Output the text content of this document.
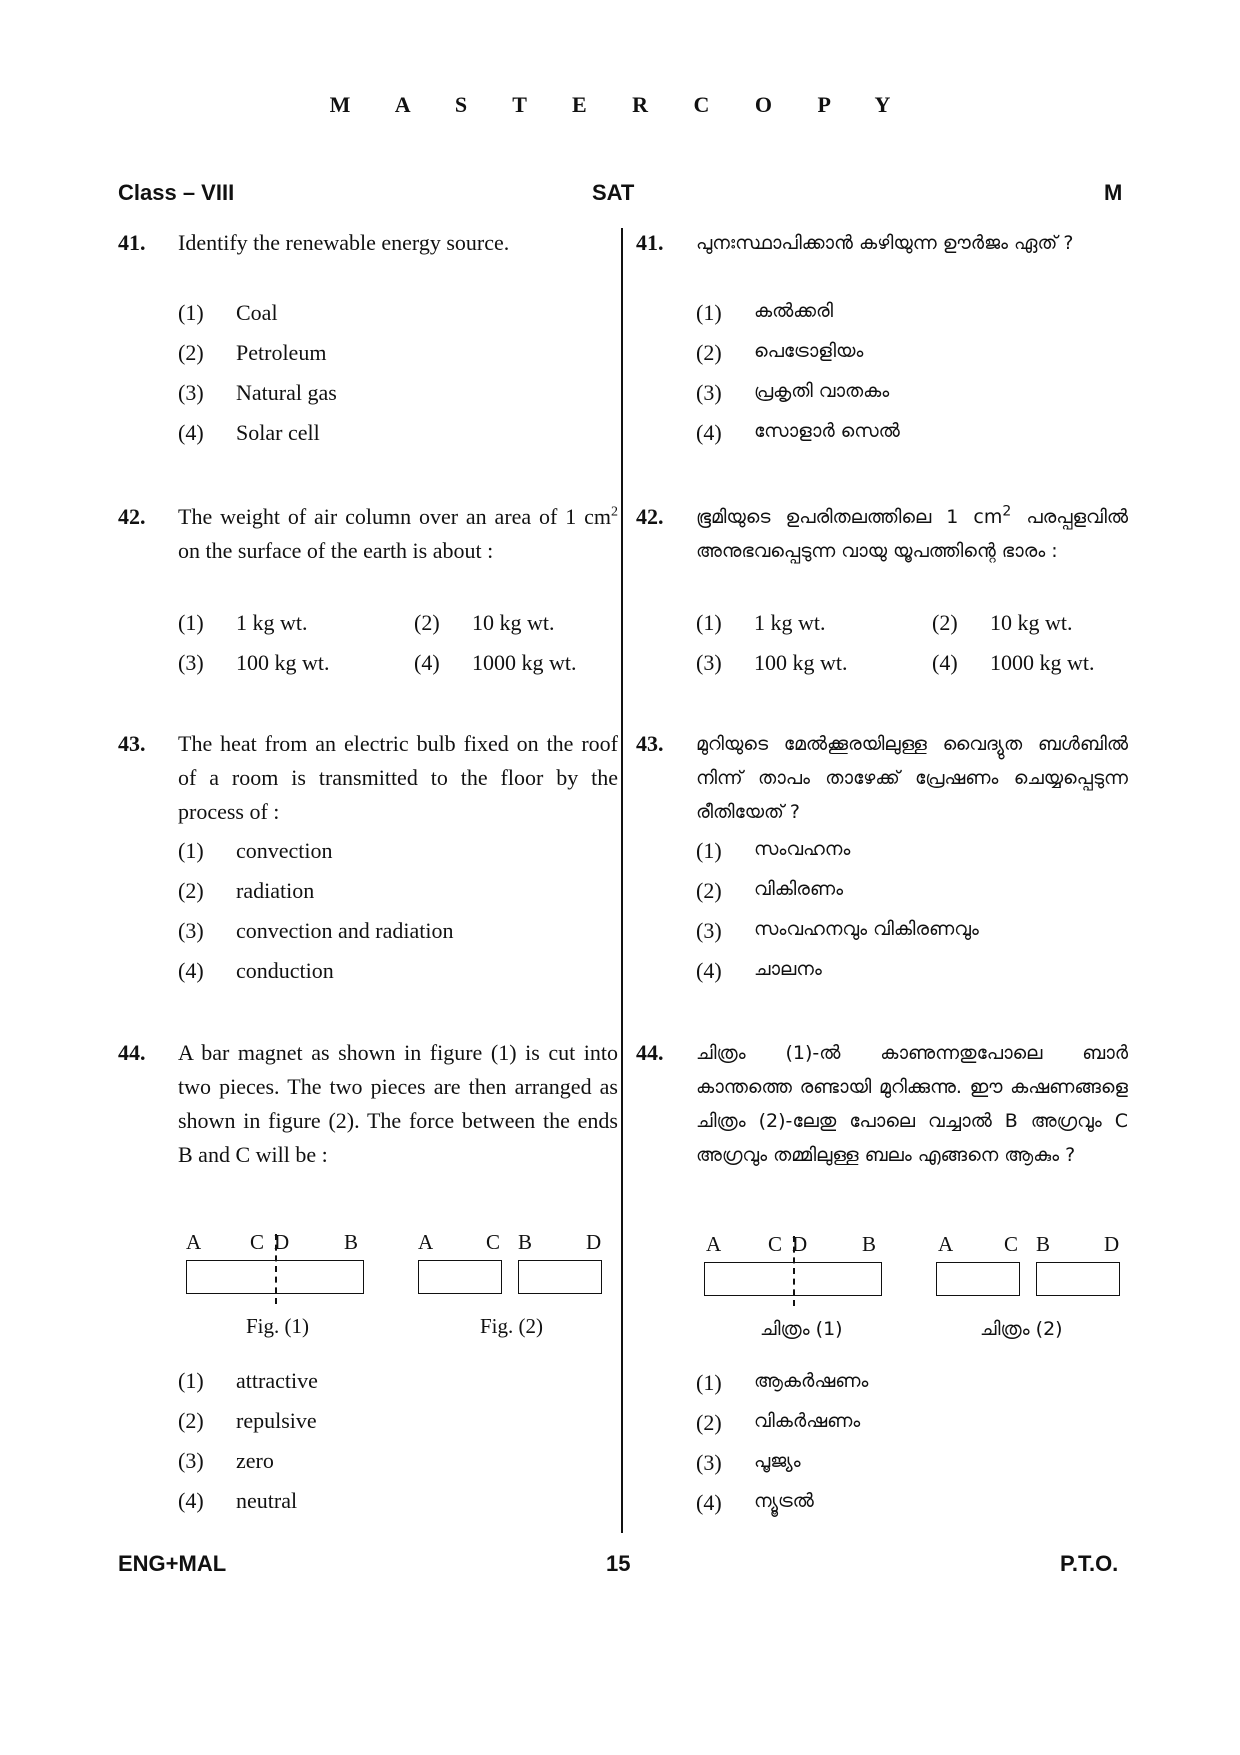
M A S T E R C O P Y
Class – VIII	SAT	M
41.	Identify the renewable energy source.
(1)	Coal
(2)	Petroleum
(3)	Natural gas
(4)	Solar cell
42.	The weight of air column over an area of 1 $cm^2$ on the surface of the earth is about :
(1) 1 kg wt.	(2) 10 kg wt.
(3) 100 kg wt.	(4) 1000 kg wt.
43.	The heat from an electric bulb fixed on the roof of a room is transmitted to the floor by the process of :
(1)	convection
(2)	radiation
(3)	convection and radiation
(4)	conduction
44.	A bar magnet as shown in figure (1) is cut into two pieces. The two pieces are then arranged as shown in figure (2). The force between the ends B and C will be :
A C D	B
Fig. (1)
A	C B	D
Fig. (2)
(1)	attractive
(2)	repulsive
(3)	zero
(4)	neutral
41.	പുനഃസ്ഥാപിക്കാൻ കഴിയുന്ന ഊർജം ഏത് ?
(1)	കൽക്കരി
(2)	പെട്രോളിയം
(3)	പ്രകൃതി വാതകം
(4)	സോളാർ സെൽ
42.	ഭൂമിയുടെ ഉപരിതലത്തിലെ 1 $cm^2$ പരപ്പളവിൽ അനുഭവപ്പെടുന്ന വായു യൂപത്തിന്റെ ഭാരം :
(1) 1 kg wt.	(2) 10 kg wt.
(3) 100 kg wt.	(4) 1000 kg wt.
43.	മുറിയുടെ മേൽക്കൂരയിലുള്ള വൈദ്യുത ബൾബിൽ നിന്ന് താപം താഴേക്ക് പ്രേഷണം ചെയ്യപ്പെടുന്ന രീതിയേത് ?
(1)	സംവഹനം
(2)	വികിരണം
(3)	സംവഹനവും വികിരണവും
(4)	ചാലനം
44.	ചിത്രം (1)-ൽ കാണുന്നതുപോലെ ബാർ കാന്തത്തെ രണ്ടായി മുറിക്കുന്നു. ഈ കഷണങ്ങളെ ചിത്രം (2)-ലേതു പോലെ വച്ചാൽ B അഗ്രവും C അഗ്രവും തമ്മിലുള്ള ബലം എങ്ങനെ ആകും ?
A C D	B
ചിത്രം (1)
A C B	D
ചിത്രം (2)
(1)	ആകർഷണം
(2)	വികർഷണം
(3)	പൂജ്യം
(4)	ന്യൂട്രൽ
ENG+MAL	15	P.T.O.
